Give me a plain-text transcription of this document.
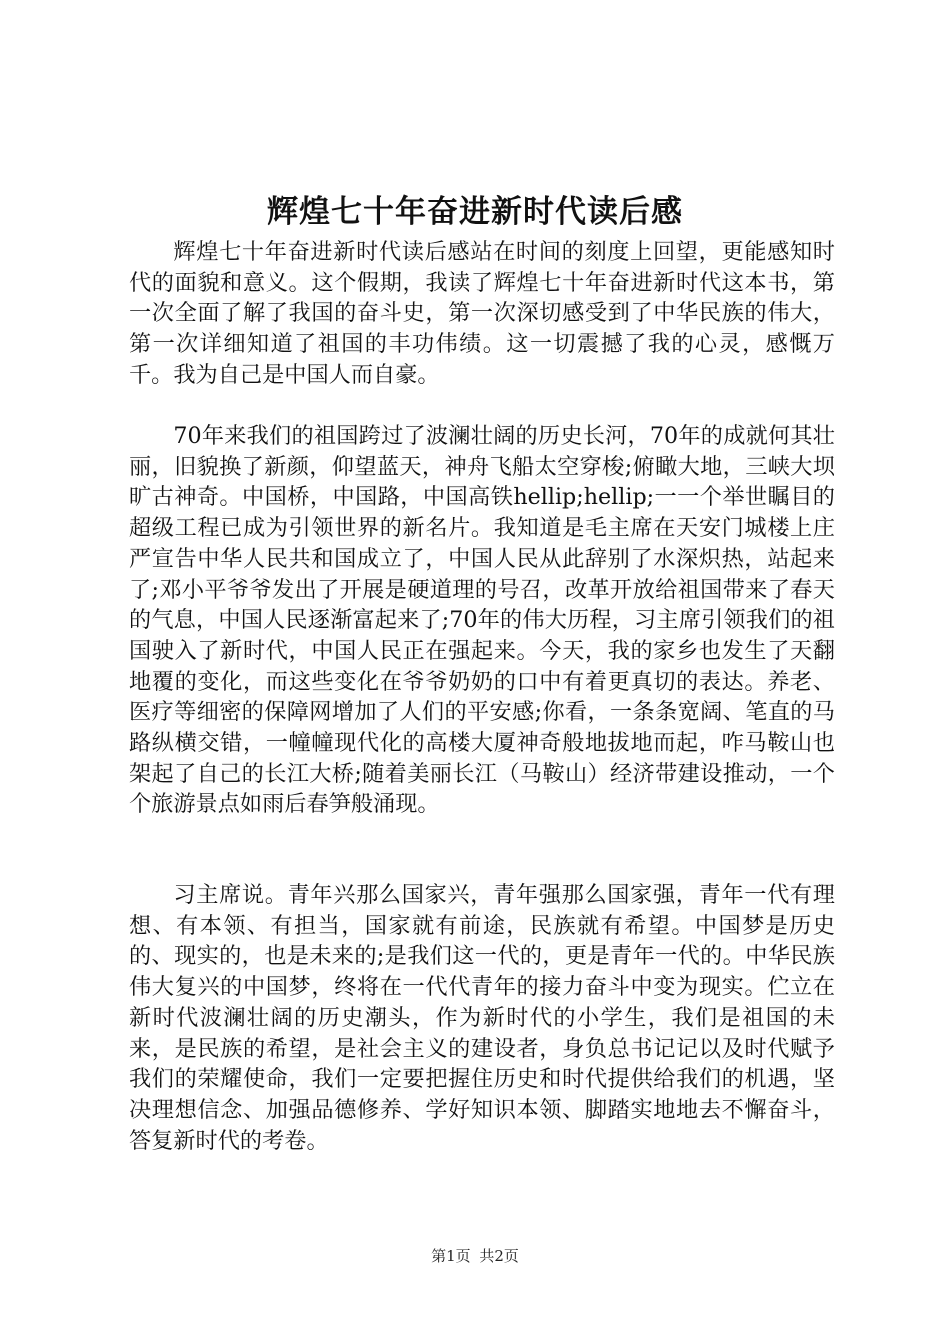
辉煌七十年奋进新时代读后感

辉煌七十年奋进新时代读后感站在时间的刻度上回望，更能感知时代的面貌和意义。这个假期，我读了辉煌七十年奋进新时代这本书，第一次全面了解了我国的奋斗史，第一次深切感受到了中华民族的伟大，第一次详细知道了祖国的丰功伟绩。这一切震撼了我的心灵，感慨万千。我为自己是中国人而自豪。

70年来我们的祖国跨过了波澜壮阔的历史长河，70年的成就何其壮丽，旧貌换了新颜，仰望蓝天，神舟飞船太空穿梭;俯瞰大地，三峡大坝旷古神奇。中国桥，中国路，中国高铁hellip;hellip;一一个举世瞩目的超级工程已成为引领世界的新名片。我知道是毛主席在天安门城楼上庄严宣告中华人民共和国成立了，中国人民从此辞别了水深炽热，站起来了;邓小平爷爷发出了开展是硬道理的号召，改革开放给祖国带来了春天的气息，中国人民逐渐富起来了;70年的伟大历程，习主席引领我们的祖国驶入了新时代，中国人民正在强起来。今天，我的家乡也发生了天翻地覆的变化，而这些变化在爷爷奶奶的口中有着更真切的表达。养老、医疗等细密的保障网增加了人们的平安感;你看，一条条宽阔、笔直的马路纵横交错，一幢幢现代化的高楼大厦神奇般地拔地而起，咋马鞍山也架起了自己的长江大桥;随着美丽长江（马鞍山）经济带建设推动，一个个旅游景点如雨后春笋般涌现。

习主席说。青年兴那么国家兴，青年强那么国家强，青年一代有理想、有本领、有担当，国家就有前途，民族就有希望。中国梦是历史的、现实的，也是未来的;是我们这一代的，更是青年一代的。中华民族伟大复兴的中国梦，终将在一代代青年的接力奋斗中变为现实。伫立在新时代波澜壮阔的历史潮头，作为新时代的小学生，我们是祖国的未来，是民族的希望，是社会主义的建设者，身负总书记记以及时代赋予我们的荣耀使命，我们一定要把握住历史和时代提供给我们的机遇，坚决理想信念、加强品德修养、学好知识本领、脚踏实地地去不懈奋斗，答复新时代的考卷。

第1页 共2页
